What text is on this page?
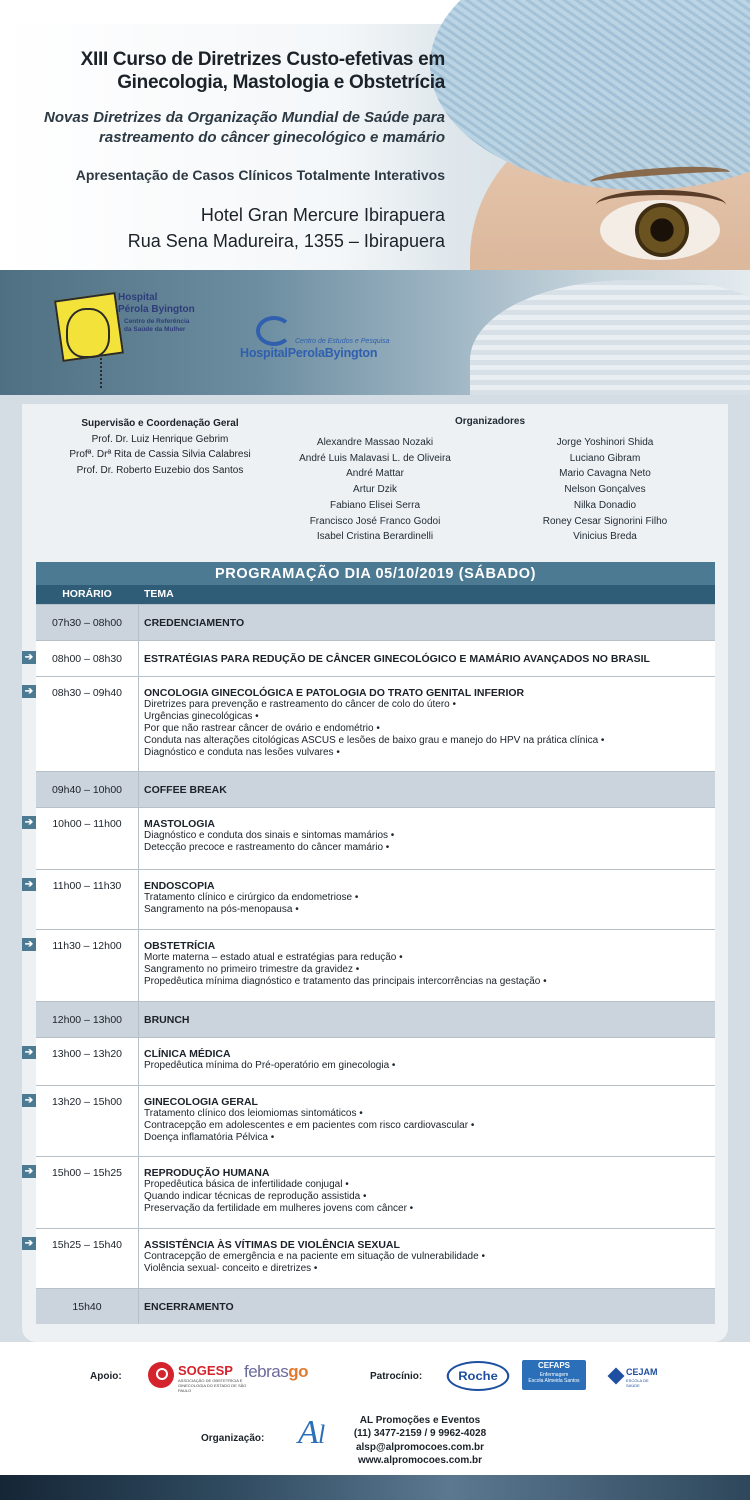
XIII Curso de Diretrizes Custo-efetivas em
Ginecologia, Mastologia e Obstetrícia
Novas Diretrizes da Organização Mundial de Saúde para
rastreamento do câncer ginecológico e mamário
Apresentação de Casos Clínicos Totalmente Interativos
Hotel Gran Mercure Ibirapuera
Rua Sena Madureira, 1355 – Ibirapuera
Hospital
Pérola Byington
Centro de Referência
da Saúde da Mulher
Centro de Estudos e Pesquisa
HospitalPerolaByington
Supervisão e Coordenação Geral
Prof. Dr. Luiz Henrique Gebrim
Profª. Drª Rita de Cassia Silvia Calabresi
Prof. Dr. Roberto Euzebio dos Santos
Organizadores
Alexandre Massao Nozaki
André Luis Malavasi L. de Oliveira
André Mattar
Artur Dzik
Fabiano Elisei Serra
Francisco José Franco Godoi
Isabel Cristina Berardinelli
Jorge Yoshinori Shida
Luciano Gibram
Mario Cavagna Neto
Nelson Gonçalves
Nilka Donadio
Roney Cesar Signorini Filho
Vinicius Breda
PROGRAMAÇÃO DIA 05/10/2019 (SÁBADO)
HORÁRIO	TEMA
07h30 – 08h00	CREDENCIAMENTO
08h00 – 08h30	ESTRATÉGIAS PARA REDUÇÃO DE CÂNCER GINECOLÓGICO E MAMÁRIO AVANÇADOS NO BRASIL
08h30 – 09h40	ONCOLOGIA GINECOLÓGICA E PATOLOGIA DO TRATO GENITAL INFERIOR
Diretrizes para prevenção e rastreamento do câncer de colo do útero •
Urgências ginecológicas •
Por que não rastrear câncer de ovário e endométrio •
Conduta nas alterações citológicas ASCUS e lesões de baixo grau e manejo do HPV na prática clínica •
Diagnóstico e conduta nas lesões vulvares •
09h40 – 10h00	COFFEE BREAK
10h00 – 11h00	MASTOLOGIA
Diagnóstico e conduta dos sinais e sintomas mamários •
Detecção precoce e rastreamento do câncer mamário •
11h00 – 11h30	ENDOSCOPIA
Tratamento clínico e cirúrgico da endometriose •
Sangramento na pós-menopausa •
11h30 – 12h00	OBSTETRÍCIA
Morte materna – estado atual e estratégias para redução •
Sangramento no primeiro trimestre da gravidez •
Propedêutica mínima diagnóstico e tratamento das principais intercorrências na gestação •
12h00 – 13h00	BRUNCH
13h00 – 13h20	CLÍNICA MÉDICA
Propedêutica mínima do Pré-operatório em ginecologia •
13h20 – 15h00	GINECOLOGIA GERAL
Tratamento clínico dos leiomiomas sintomáticos •
Contracepção em adolescentes e em pacientes com risco cardiovascular •
Doença inflamatória Pélvica •
15h00 – 15h25	REPRODUÇÃO HUMANA
Propedêutica básica de infertilidade conjugal •
Quando indicar técnicas de reprodução assistida •
Preservação da fertilidade em mulheres jovens com câncer •
15h25 – 15h40	ASSISTÊNCIA ÀS VÍTIMAS DE VIOLÊNCIA SEXUAL
Contracepção de emergência e na paciente em situação de vulnerabilidade •
Violência sexual- conceito e diretrizes •
15h40	ENCERRAMENTO
➔
➔
➔
➔
➔
➔
➔
➔
➔
Apoio:	SOGESP
ASSOCIAÇÃO DE OBSTETRÍCIA E GINECOLOGIA DO ESTADO DE SÃO PAULO
febrasgo	Patrocínio:	Roche
CEFAPS
Enfermagem
Escola Almeida Santos
CEJAM
ESCOLA DE SAÚDE
Organização: A l	AL Promoções e Eventos
(11) 3477-2159 / 9 9962-4028
alsp@alpromocoes.com.br
www.alpromocoes.com.br
